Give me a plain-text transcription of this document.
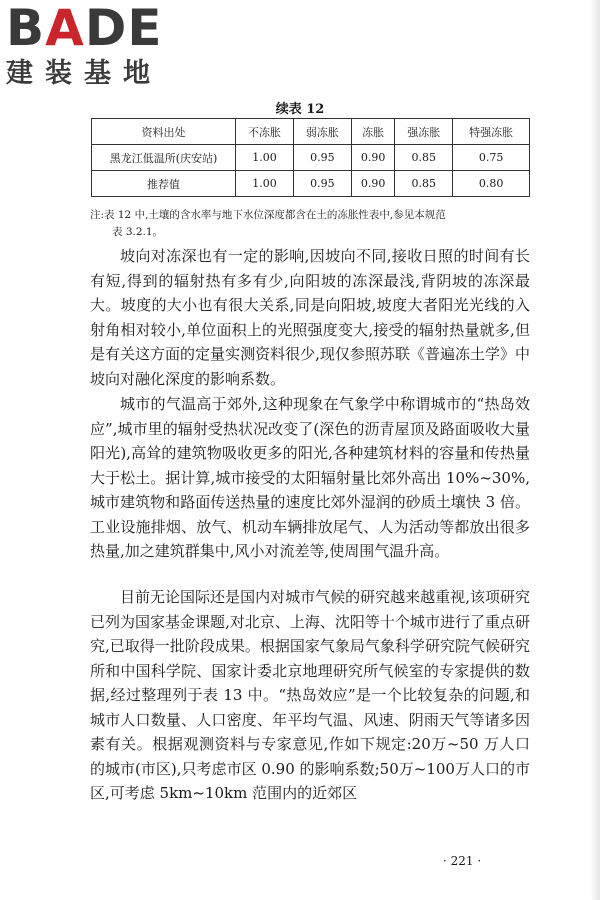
BADE
建装基地
续表 12
资料出处	不冻胀	弱冻胀	冻胀	强冻胀	特强冻胀
黑龙江低温所(庆安站)	1.00	0.95	0.90	0.85	0.75
推荐值	1.00	0.95	0.90	0.85	0.80
注:表 12 中,土壤的含水率与地下水位深度都含在土的冻胀性表中,参见本规范
表 3.2.1。

坡向对冻深也有一定的影响,因坡向不同,接收日照的时间有长有短,得到的辐射热有多有少,向阳坡的冻深最浅,背阴坡的冻深最大。坡度的大小也有很大关系,同是向阳坡,坡度大者阳光光线的入射角相对较小,单位面积上的光照强度变大,接受的辐射热量就多,但是有关这方面的定量实测资料很少,现仅参照苏联《普遍冻土学》中坡向对融化深度的影响系数。

城市的气温高于郊外,这种现象在气象学中称谓城市的“热岛效应”,城市里的辐射受热状况改变了(深色的沥青屋顶及路面吸收大量阳光),高耸的建筑物吸收更多的阳光,各种建筑材料的容量和传热量大于松土。据计算,城市接受的太阳辐射量比郊外高出 10%~30%,城市建筑物和路面传送热量的速度比郊外湿润的砂质土壤快 3 倍。工业设施排烟、放气、机动车辆排放尾气、人为活动等都放出很多热量,加之建筑群集中,风小对流差等,使周围气温升高。

目前无论国际还是国内对城市气候的研究越来越重视,该项研究已列为国家基金课题,对北京、上海、沈阳等十个城市进行了重点研究,已取得一批阶段成果。根据国家气象局气象科学研究院气候研究所和中国科学院、国家计委北京地理研究所气候室的专家提供的数据,经过整理列于表 13 中。“热岛效应”是一个比较复杂的问题,和城市人口数量、人口密度、年平均气温、风速、阴雨天气等诸多因素有关。根据观测资料与专家意见,作如下规定:20万~50 万人口的城市(市区),只考虑市区 0.90 的影响系数;50万~100万人口的市区,可考虑 5km~10km 范围内的近郊区

· 221 ·
